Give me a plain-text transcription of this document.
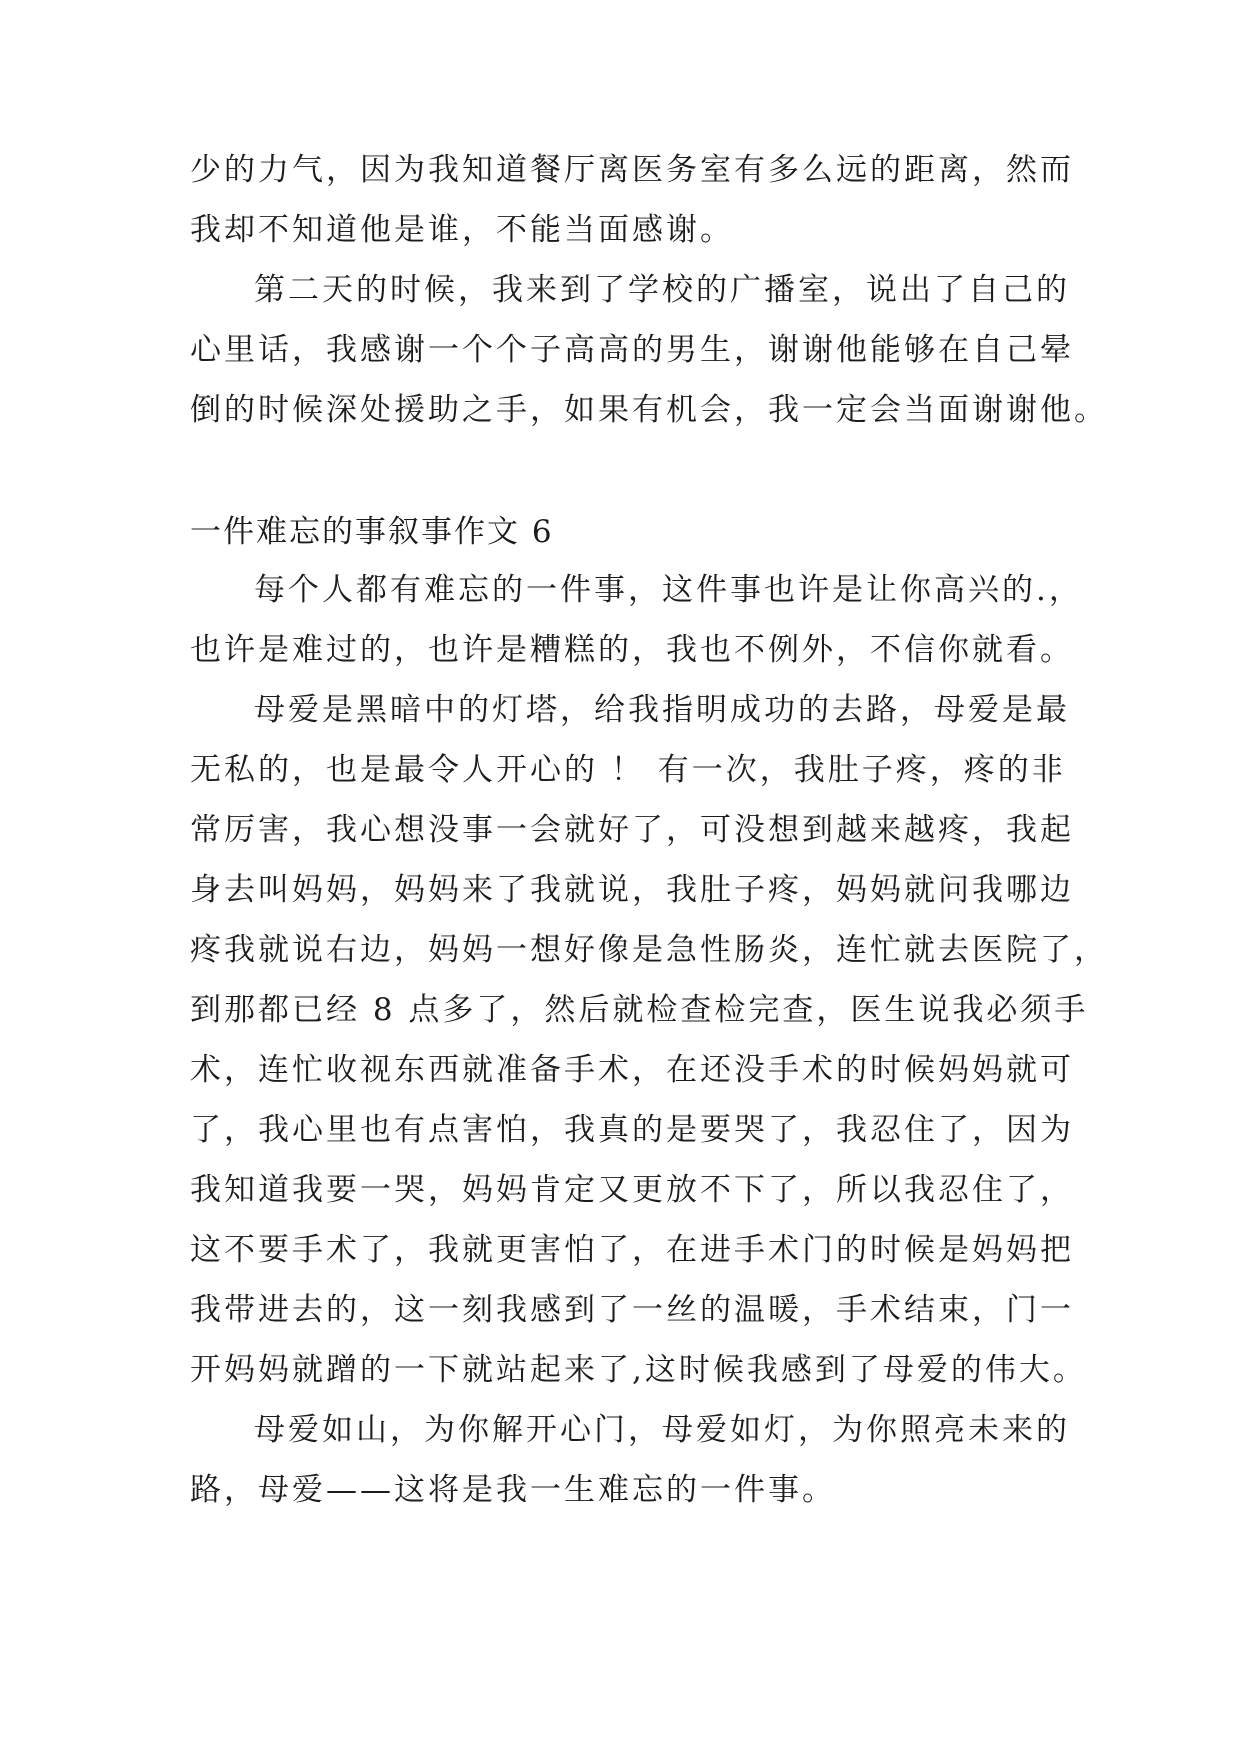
少的力气，因为我知道餐厅离医务室有多么远的距离，然而
我却不知道他是谁，不能当面感谢。
第二天的时候，我来到了学校的广播室，说出了自己的
心里话，我感谢一个个子高高的男生，谢谢他能够在自己晕
倒的时候深处援助之手，如果有机会，我一定会当面谢谢他。
一件难忘的事叙事作文 6
每个人都有难忘的一件事，这件事也许是让你高兴的.，
也许是难过的，也许是糟糕的，我也不例外，不信你就看。
母爱是黑暗中的灯塔，给我指明成功的去路，母爱是最
无私的，也是最令人开心的 ！ 有一次，我肚子疼，疼的非
常厉害，我心想没事一会就好了，可没想到越来越疼，我起
身去叫妈妈，妈妈来了我就说，我肚子疼，妈妈就问我哪边
疼我就说右边，妈妈一想好像是急性肠炎，连忙就去医院了，
到那都已经 8 点多了，然后就检查检完查，医生说我必须手
术，连忙收视东西就准备手术，在还没手术的时候妈妈就可
了，我心里也有点害怕，我真的是要哭了，我忍住了，因为
我知道我要一哭，妈妈肯定又更放不下了，所以我忍住了，
这不要手术了，我就更害怕了，在进手术门的时候是妈妈把
我带进去的，这一刻我感到了一丝的温暖，手术结束，门一
开妈妈就蹭的一下就站起来了,这时候我感到了母爱的伟大。
母爱如山，为你解开心门，母爱如灯，为你照亮未来的
路，母爱——这将是我一生难忘的一件事。
